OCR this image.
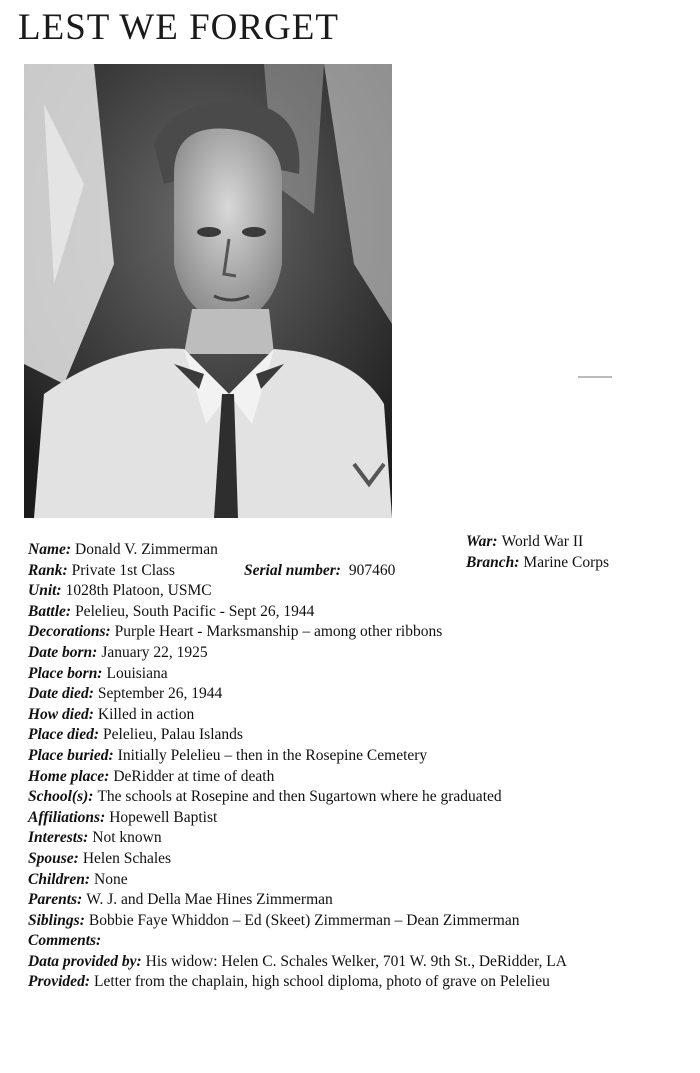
LEST WE FORGET
War: World War II
Branch: Marine Corps
Name: Donald V. Zimmerman
Rank: Private 1st Class	Serial number: 907460
Unit: 1028th Platoon, USMC
Battle: Pelelieu, South Pacific - Sept 26, 1944
Decorations: Purple Heart - Marksmanship – among other ribbons
Date born: January 22, 1925
Place born: Louisiana
Date died: September 26, 1944
How died: Killed in action
Place died: Pelelieu, Palau Islands
Place buried: Initially Pelelieu – then in the Rosepine Cemetery
Home place: DeRidder at time of death
School(s): The schools at Rosepine and then Sugartown where he graduated
Affiliations: Hopewell Baptist
Interests: Not known
Spouse: Helen Schales
Children: None
Parents: W. J. and Della Mae Hines Zimmerman
Siblings: Bobbie Faye Whiddon – Ed (Skeet) Zimmerman – Dean Zimmerman
Comments:
Data provided by: His widow: Helen C. Schales Welker, 701 W. 9th St., DeRidder, LA
Provided: Letter from the chaplain, high school diploma, photo of grave on Pelelieu
